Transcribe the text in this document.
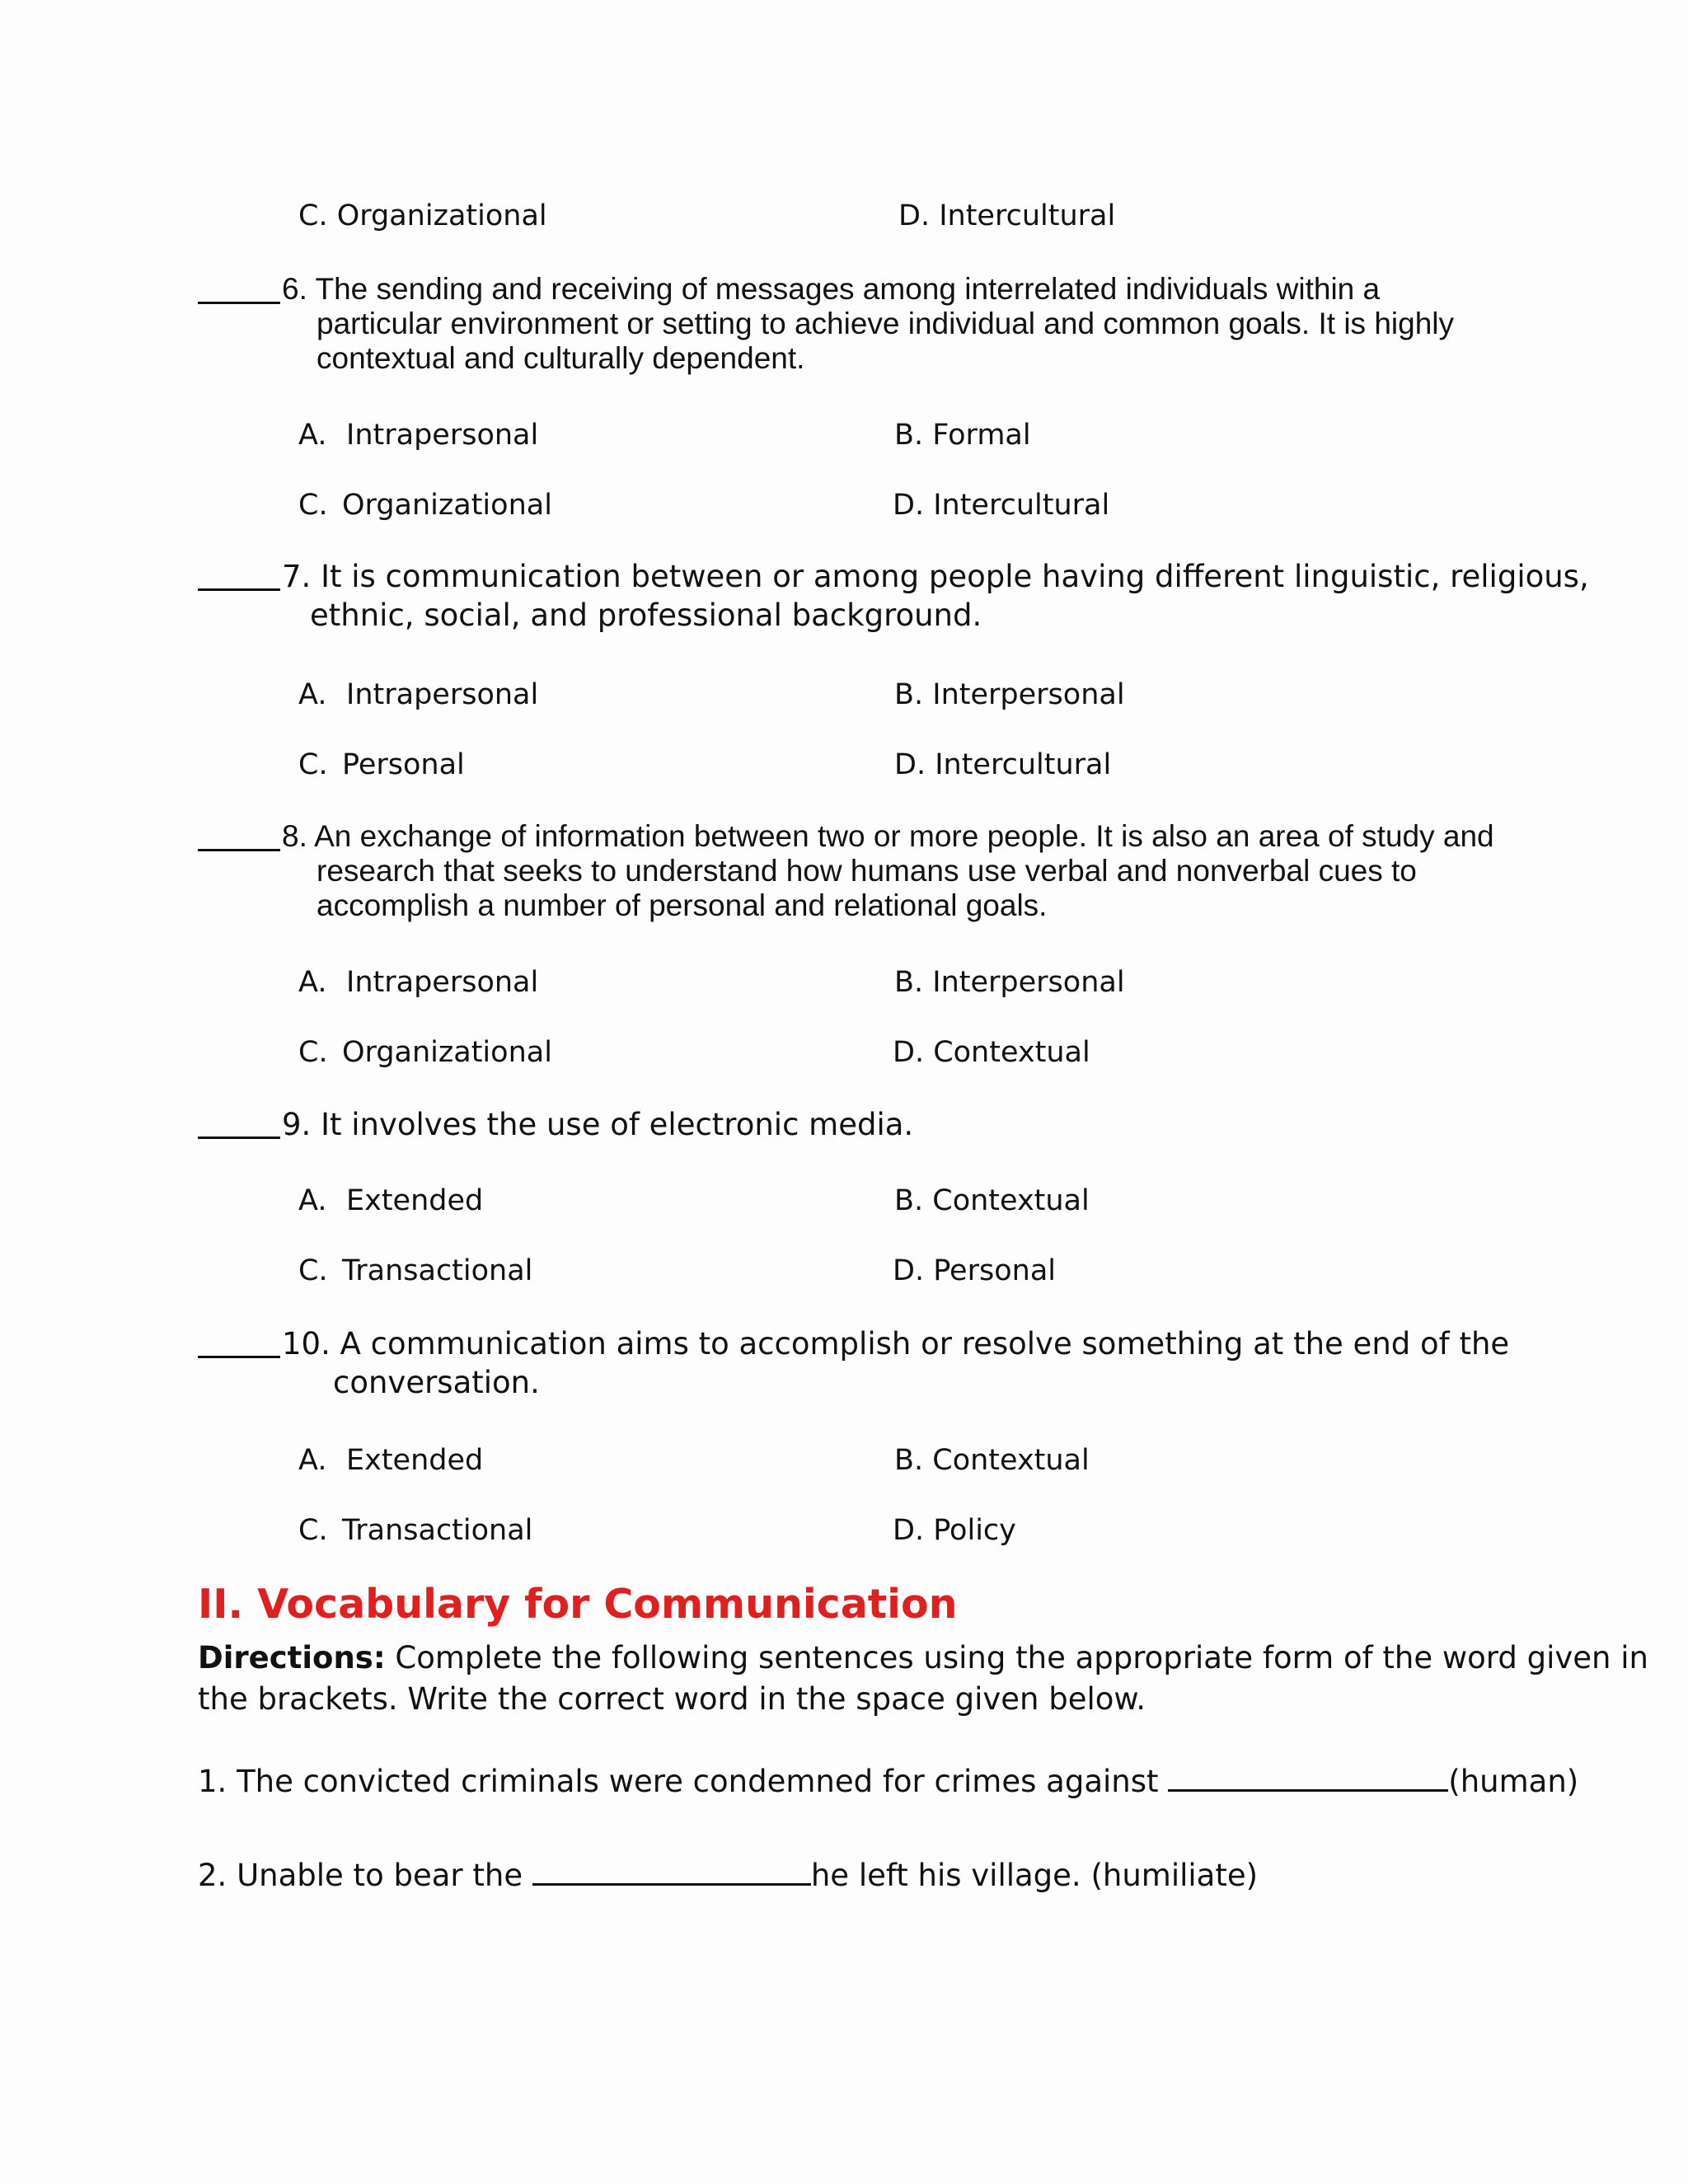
C. Organizational	D. Intercultural
6. The sending and receiving of messages among interrelated individuals within a
particular environment or setting to achieve individual and common goals. It is highly
contextual and culturally dependent.
A. Intrapersonal	B. Formal
C. Organizational	D. Intercultural
7. It is communication between or among people having different linguistic, religious,
ethnic, social, and professional background.
A. Intrapersonal	B. Interpersonal
C. Personal	D. Intercultural
8. An exchange of information between two or more people. It is also an area of study and
research that seeks to understand how humans use verbal and nonverbal cues to
accomplish a number of personal and relational goals.
A. Intrapersonal	B. Interpersonal
C. Organizational	D. Contextual
9. It involves the use of electronic media.
A. Extended	B. Contextual
C. Transactional	D. Personal
10. A communication aims to accomplish or resolve something at the end of the
conversation.
A. Extended	B. Contextual
C. Transactional	D. Policy
II. Vocabulary for Communication
Directions: Complete the following sentences using the appropriate form of the word given in
the brackets. Write the correct word in the space given below.
1. The convicted criminals were condemned for crimes against	(human)
2. Unable to bear the	he left his village. (humiliate)
